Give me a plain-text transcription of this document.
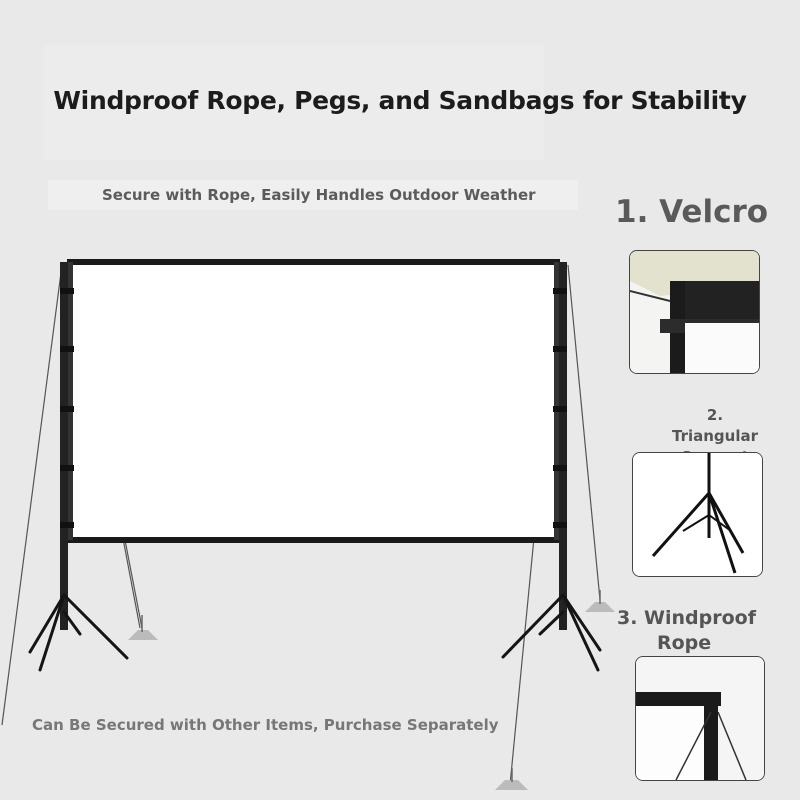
Windproof Rope, Pegs, and Sandbags for Stability
Secure with Rope, Easily Handles Outdoor Weather
Can Be Secured with Other Items, Purchase Separately
1. Velcro
2. Triangular
3. Windproof
Rope
